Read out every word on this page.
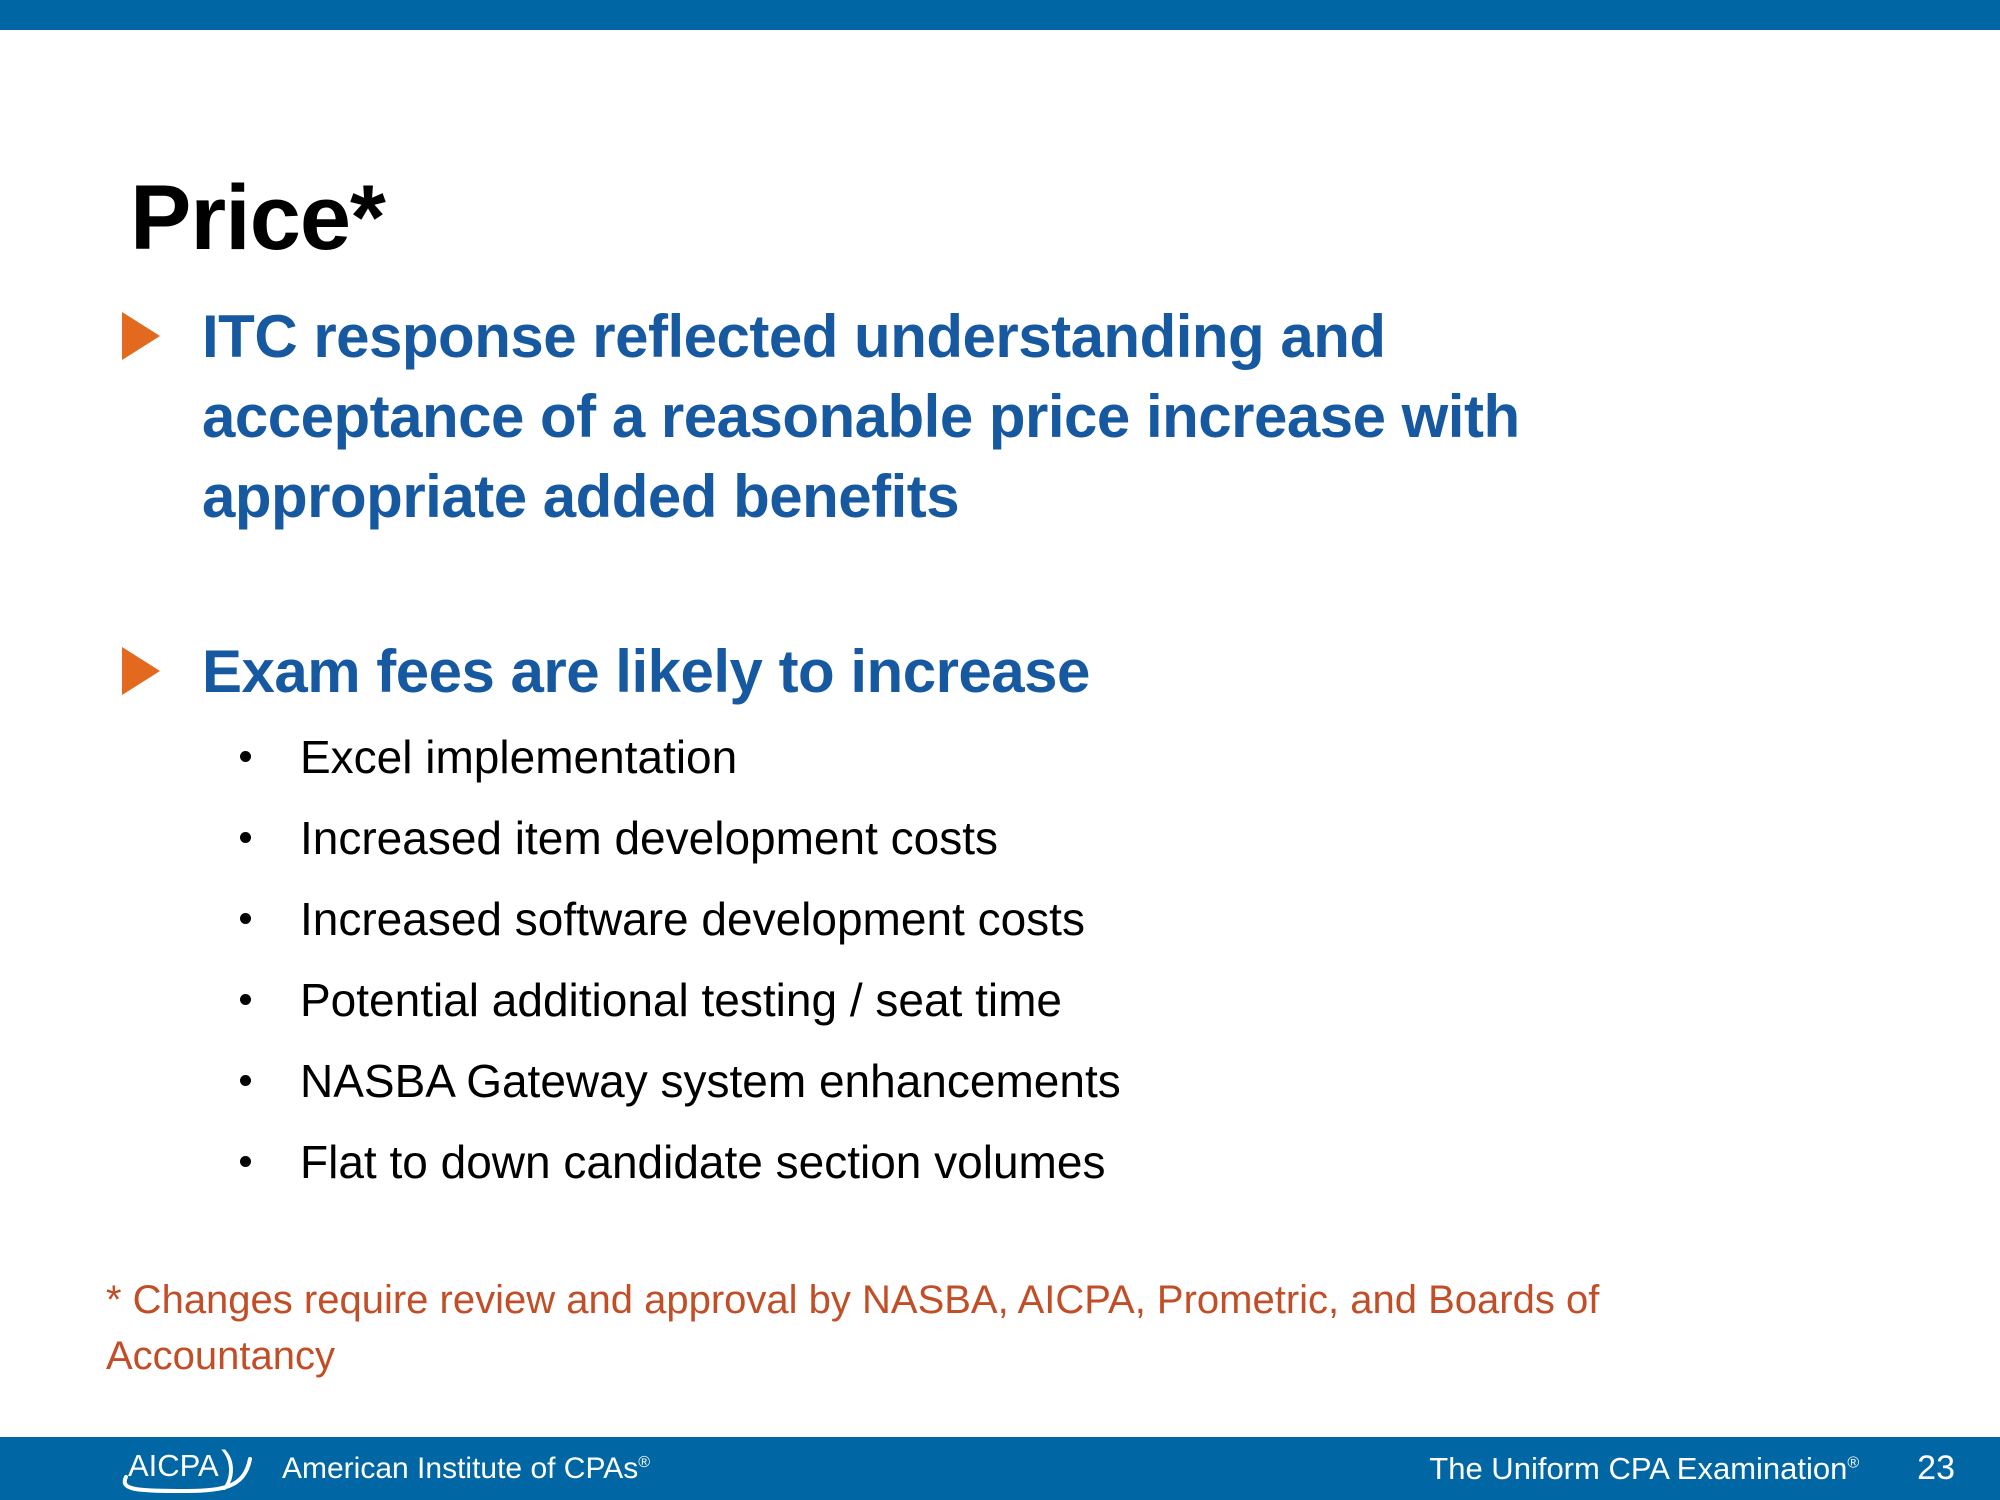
Price*
ITC response reflected understanding and
acceptance of a reasonable price increase with
appropriate added benefits
Exam fees are likely to increase
Excel implementation
Increased item development costs
Increased software development costs
Potential additional testing / seat time
NASBA Gateway system enhancements
Flat to down candidate section volumes
* Changes require review and approval by NASBA, AICPA, Prometric, and Boards of
Accountancy
AICPA ) American Institute of CPAs®	The Uniform CPA Examination® 23
